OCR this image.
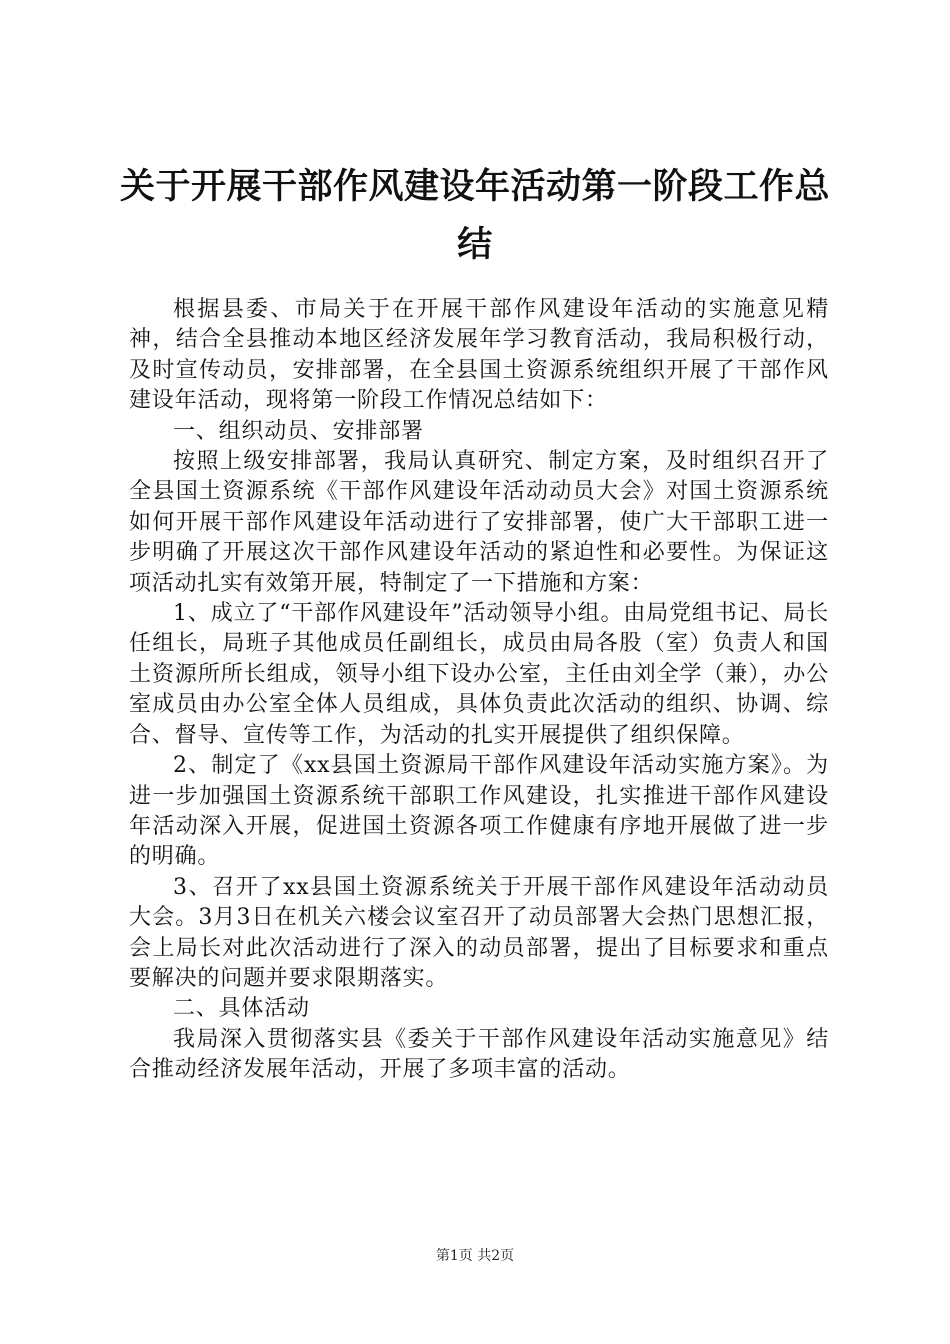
关于开展干部作风建设年活动第一阶段工作总结

根据县委、市局关于在开展干部作风建设年活动的实施意见精神，结合全县推动本地区经济发展年学习教育活动，我局积极行动，及时宣传动员，安排部署，在全县国土资源系统组织开展了干部作风建设年活动，现将第一阶段工作情况总结如下：

一、组织动员、安排部署

按照上级安排部署，我局认真研究、制定方案，及时组织召开了全县国土资源系统《干部作风建设年活动动员大会》对国土资源系统如何开展干部作风建设年活动进行了安排部署，使广大干部职工进一步明确了开展这次干部作风建设年活动的紧迫性和必要性。为保证这项活动扎实有效第开展，特制定了一下措施和方案：

1、成立了“干部作风建设年”活动领导小组。由局党组书记、局长任组长，局班子其他成员任副组长，成员由局各股（室）负责人和国土资源所所长组成，领导小组下设办公室，主任由刘全学（兼），办公室成员由办公室全体人员组成，具体负责此次活动的组织、协调、综合、督导、宣传等工作，为活动的扎实开展提供了组织保障。

2、制定了《xx县国土资源局干部作风建设年活动实施方案》。为进一步加强国土资源系统干部职工作风建设，扎实推进干部作风建设年活动深入开展，促进国土资源各项工作健康有序地开展做了进一步的明确。

3、召开了xx县国土资源系统关于开展干部作风建设年活动动员大会。3月3日在机关六楼会议室召开了动员部署大会热门思想汇报，会上局长对此次活动进行了深入的动员部署，提出了目标要求和重点要解决的问题并要求限期落实。

二、具体活动

我局深入贯彻落实县《委关于干部作风建设年活动实施意见》结合推动经济发展年活动，开展了多项丰富的活动。

第1页 共2页
